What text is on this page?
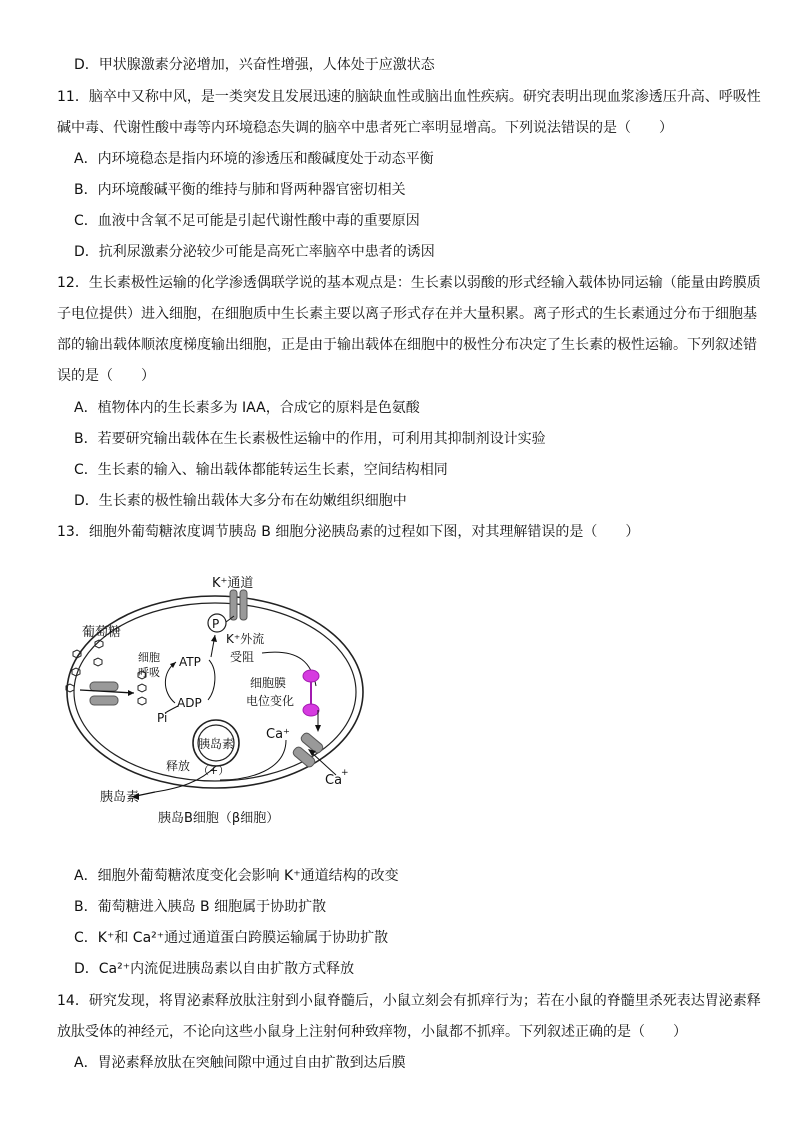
D．甲状腺激素分泌增加，兴奋性增强，人体处于应激状态
11．脑卒中又称中风，是一类突发且发展迅速的脑缺血性或脑出血性疾病。研究表明出现血浆渗透压升高、呼吸性
碱中毒、代谢性酸中毒等内环境稳态失调的脑卒中患者死亡率明显增高。下列说法错误的是（　　）
A．内环境稳态是指内环境的渗透压和酸碱度处于动态平衡
B．内环境酸碱平衡的维持与肺和肾两种器官密切相关
C．血液中含氧不足可能是引起代谢性酸中毒的重要原因
D．抗利尿激素分泌较少可能是高死亡率脑卒中患者的诱因
12．生长素极性运输的化学渗透偶联学说的基本观点是：生长素以弱酸的形式经输入载体协同运输（能量由跨膜质
子电位提供）进入细胞，在细胞质中生长素主要以离子形式存在并大量积累。离子形式的生长素通过分布于细胞基
部的输出载体顺浓度梯度输出细胞，正是由于输出载体在细胞中的极性分布决定了生长素的极性运输。下列叙述错
误的是（　　）
A．植物体内的生长素多为 IAA，合成它的原料是色氨酸
B．若要研究输出载体在生长素极性运输中的作用，可利用其抑制剂设计实验
C．生长素的输入、输出载体都能转运生长素，空间结构相同
D．生长素的极性输出载体大多分布在幼嫩组织细胞中
13．细胞外葡萄糖浓度调节胰岛 B 细胞分泌胰岛素的过程如下图，对其理解错误的是（　　）
K⁺通道
葡萄糖
P
K⁺外流
受阻
细胞
呼吸
ATP
ADP
Pi
细胞膜
电位变化
胰岛素
Ca⁺
Ca
+
释放 （+）
胰岛素
胰岛B细胞（β细胞）
A．细胞外葡萄糖浓度变化会影响 K⁺通道结构的改变
B．葡萄糖进入胰岛 B 细胞属于协助扩散
C．K⁺和 Ca²⁺通过通道蛋白跨膜运输属于协助扩散
D．Ca²⁺内流促进胰岛素以自由扩散方式释放
14．研究发现，将胃泌素释放肽注射到小鼠脊髓后，小鼠立刻会有抓痒行为；若在小鼠的脊髓里杀死表达胃泌素释
放肽受体的神经元，不论向这些小鼠身上注射何种致痒物，小鼠都不抓痒。下列叙述正确的是（　　）
A．胃泌素释放肽在突触间隙中通过自由扩散到达后膜
